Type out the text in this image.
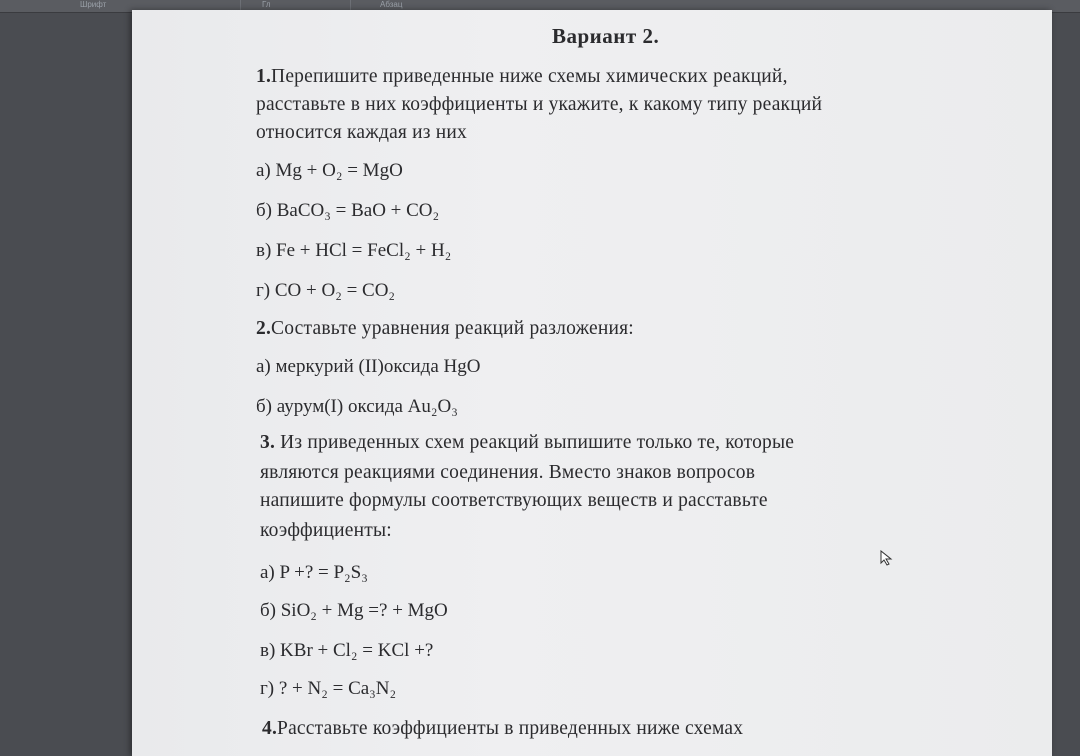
Шрифт	Гл	Абзац
Вариант 2.
1.Перепишите приведенные ниже схемы химических реакций,
расставьте в них коэффициенты и укажите, к какому типу реакций
относится каждая из них
а) Mg + O₂ = MgO
б) BaCO₃ = BaO + CO₂
в) Fe + HCl = FeCl₂ + H₂
г) CO + O₂ = CO₂
2.Составьте уравнения реакций разложения:
а) меркурий (II)оксида HgO
б) аурум(I) оксида Au₂O₃
3. Из приведенных схем реакций выпишите только те, которые
являются реакциями соединения. Вместо знаков вопросов
напишите формулы соответствующих веществ и расставьте
коэффициенты:
а) P +? = P₂S₃
б) SiO₂ + Mg =? + MgO
в) KBr + Cl₂ = KCl +?
г) ? + N₂ = Ca₃N₂
4.Расставьте коэффициенты в приведенных ниже схемах
